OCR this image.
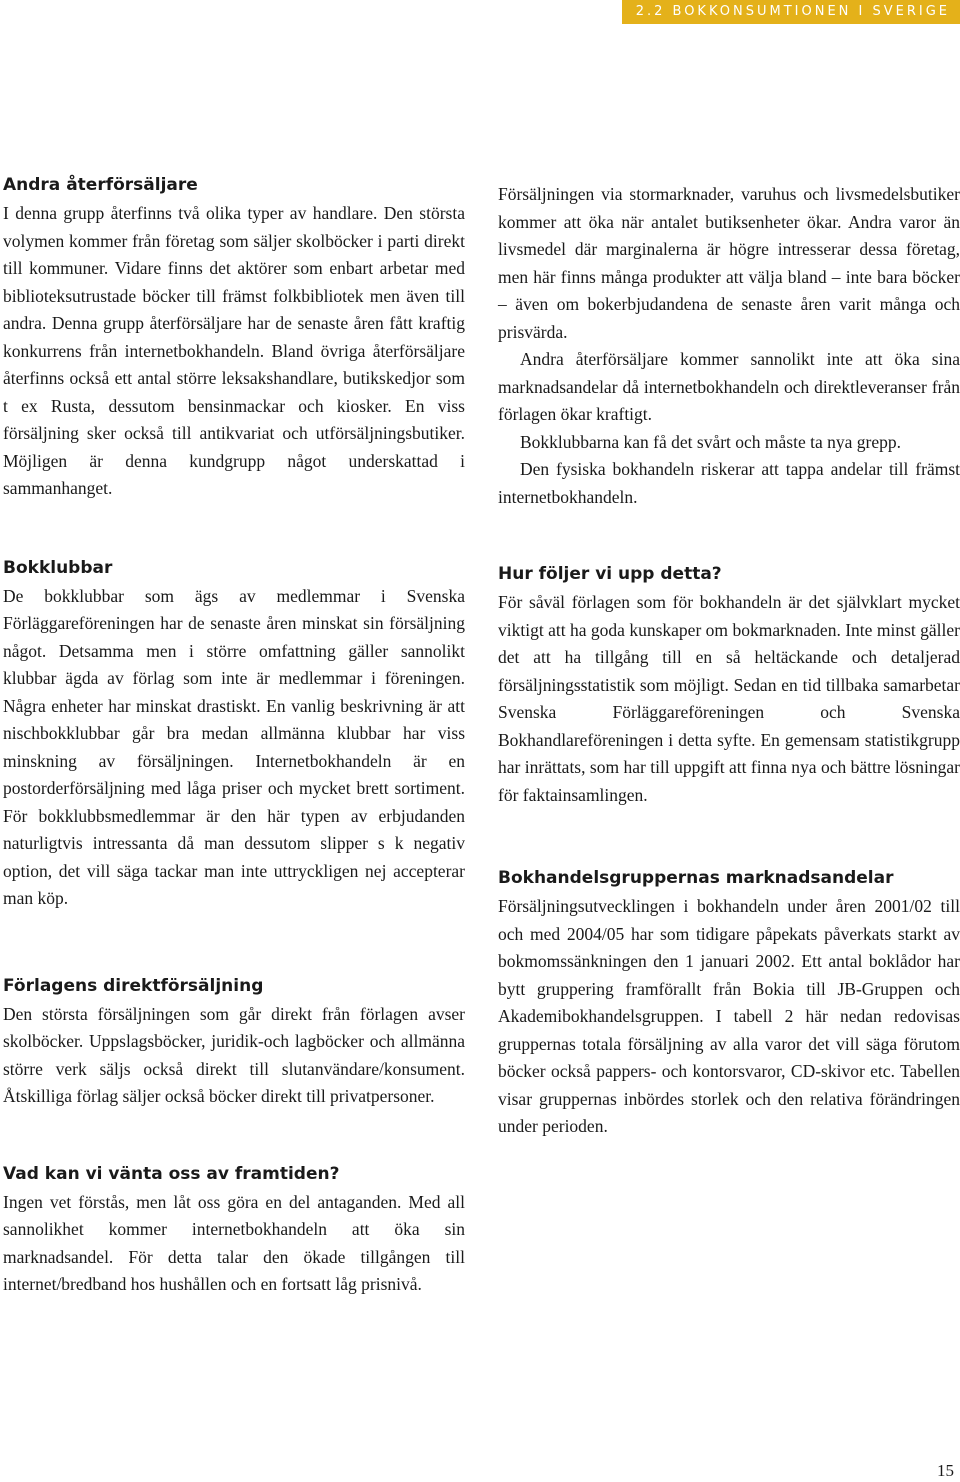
2.2 BOKKONSUMTIONEN I SVERIGE
Andra återförsäljare

I denna grupp återfinns två olika typer av handlare. Den största volymen kommer från företag som säljer skolböcker i parti direkt till kommuner. Vidare finns det aktörer som enbart arbetar med biblioteksutrustade böcker till främst folkbibliotek men även till andra. Denna grupp återförsäljare har de senaste åren fått kraftig konkurrens från internetbokhandeln. Bland övriga återförsäljare återfinns också ett antal större leksakshandlare, butikskedjor som t ex Rusta, dessutom bensinmackar och kiosker. En viss försäljning sker också till antikvariat och utförsäljningsbutiker. Möjligen är denna kundgrupp något underskattad i sammanhanget.

Bokklubbar

De bokklubbar som ägs av medlemmar i Svenska Förläggareföreningen har de senaste åren minskat sin försäljning något. Detsamma men i större omfattning gäller sannolikt klubbar ägda av förlag som inte är medlemmar i föreningen. Några enheter har minskat drastiskt. En vanlig beskrivning är att nischbokklubbar går bra medan allmänna klubbar har viss minskning av försäljningen. Internetbokhandeln är en postorderförsäljning med låga priser och mycket brett sortiment. För bokklubbsmedlemmar är den här typen av erbjudanden naturligtvis intressanta då man dessutom slipper s k negativ option, det vill säga tackar man inte uttryckligen nej accepterar man köp.

Förlagens direktförsäljning

Den största försäljningen som går direkt från förlagen avser skolböcker. Uppslagsböcker, juridik-och lagböcker och allmänna större verk säljs också direkt till slutanvändare/konsument. Åtskilliga förlag säljer också böcker direkt till privatpersoner.

Vad kan vi vänta oss av framtiden?

Ingen vet förstås, men låt oss göra en del antaganden. Med all sannolikhet kommer internetbokhandeln att öka sin marknadsandel. För detta talar den ökade tillgången till internet/bredband hos hushållen och en fortsatt låg prisnivå.

Försäljningen via stormarknader, varuhus och livsmedelsbutiker kommer att öka när antalet butiksenheter ökar. Andra varor än livsmedel där marginalerna är högre intresserar dessa företag, men här finns många produkter att välja bland – inte bara böcker – även om bokerbjudandena de senaste åren varit många och prisvärda.

Andra återförsäljare kommer sannolikt inte att öka sina marknadsandelar då internetbokhandeln och direktleveranser från förlagen ökar kraftigt.

Bokklubbarna kan få det svårt och måste ta nya grepp.

Den fysiska bokhandeln riskerar att tappa andelar till främst internetbokhandeln.

Hur följer vi upp detta?

För såväl förlagen som för bokhandeln är det självklart mycket viktigt att ha goda kunskaper om bokmarknaden. Inte minst gäller det att ha tillgång till en så heltäckande och detaljerad försäljningsstatistik som möjligt. Sedan en tid tillbaka samarbetar Svenska Förläggareföreningen och Svenska Bokhandlareföreningen i detta syfte. En gemensam statistikgrupp har inrättats, som har till uppgift att finna nya och bättre lösningar för faktainsamlingen.

Bokhandelsgruppernas marknadsandelar

Försäljningsutvecklingen i bokhandeln under åren 2001/02 till och med 2004/05 har som tidigare påpekats påverkats starkt av bokmomssänkningen den 1 januari 2002. Ett antal boklådor har bytt gruppering framförallt från Bokia till JB-Gruppen och Akademibokhandelsgruppen. I tabell 2 här nedan redovisas gruppernas totala försäljning av alla varor det vill säga förutom böcker också pappers- och kontorsvaror, CD-skivor etc. Tabellen visar gruppernas inbördes storlek och den relativa förändringen under perioden.

15
